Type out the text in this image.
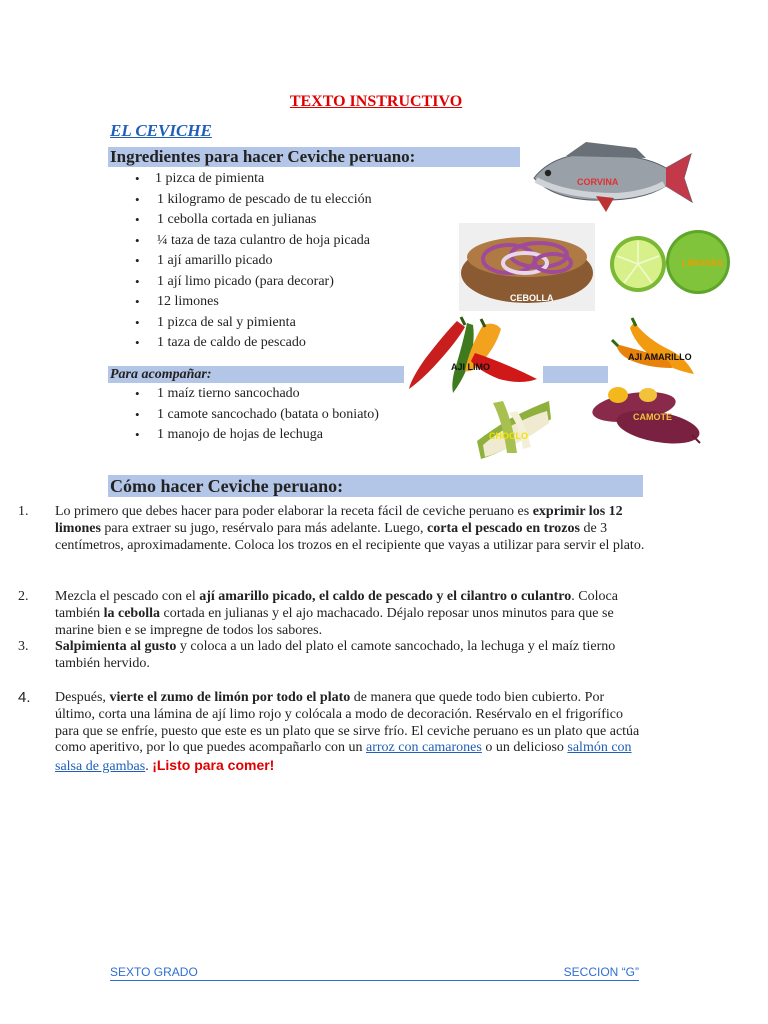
TEXTO INSTRUCTIVO
EL CEVICHE
Ingredientes para hacer Ceviche peruano:
• 1 pizca de pimienta
• 1 kilogramo de pescado de tu elección
• 1 cebolla cortada en julianas
• ¼ taza de taza culantro de hoja picada
• 1 ají amarillo picado
• 1 ají limo picado (para decorar)
• 12 limones
• 1 pizca de sal y pimienta
• 1 taza de caldo de pescado
Para acompañar:
• 1 maíz tierno sancochado
• 1 camote sancochado (batata o boniato)
• 1 manojo de hojas de lechuga
CORVINA
CEBOLLA
LIMONES
AJI LIMO
AJI AMARILLO
CHOCLO
CAMOTE
Cómo hacer Ceviche peruano:
1. Lo primero que debes hacer para poder elaborar la receta fácil de ceviche peruano es exprimir los 12 limones para extraer su jugo, resérvalo para más adelante. Luego, corta el pescado en trozos de 3 centímetros, aproximadamente. Coloca los trozos en el recipiente que vayas a utilizar para servir el plato.
2. Mezcla el pescado con el ají amarillo picado, el caldo de pescado y el cilantro o culantro. Coloca también la cebolla cortada en julianas y el ajo machacado. Déjalo reposar unos minutos para que se marine bien e se impregne de todos los sabores.
3. Salpimienta al gusto y coloca a un lado del plato el camote sancochado, la lechuga y el maíz tierno también hervido.
4. Después, vierte el zumo de limón por todo el plato de manera que quede todo bien cubierto. Por último, corta una lámina de ají limo rojo y colócala a modo de decoración. Resérvalo en el frigorífico para que se enfríe, puesto que este es un plato que se sirve frío. El ceviche peruano es un plato que actúa como aperitivo, por lo que puedes acompañarlo con un arroz con camarones o un delicioso salmón con salsa de gambas. ¡Listo para comer!
SEXTO GRADO	SECCION “G”
